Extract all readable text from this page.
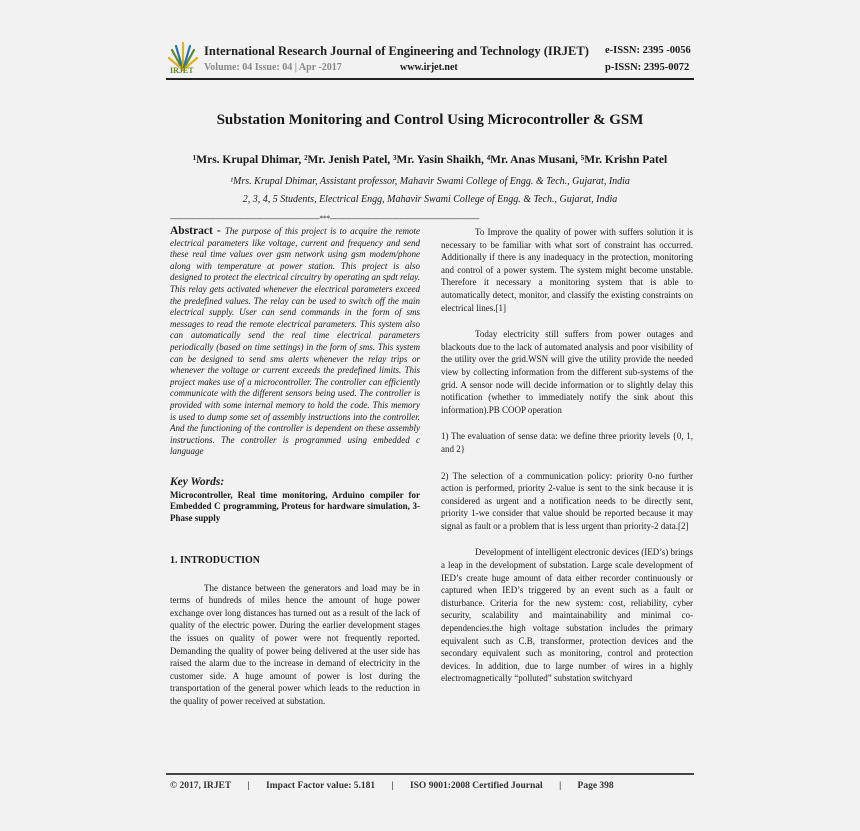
IRJET
International Research Journal of Engineering and Technology (IRJET) e-ISSN: 2395 -0056
Volume: 04 Issue: 04 | Apr -2017	www.irjet.net	p-ISSN: 2395-0072
Substation Monitoring and Control Using Microcontroller & GSM
¹Mrs. Krupal Dhimar, ²Mr. Jenish Patel, ³Mr. Yasin Shaikh, ⁴Mr. Anas Musani, ⁵Mr. Krishn Patel
¹Mrs. Krupal Dhimar, Assistant professor, Mahavir Swami College of Engg. & Tech., Gujarat, India
2, 3, 4, 5 Students, Electrical Engg, Mahavir Swami College of Engg. & Tech., Gujarat, India
---------------------------------------------------------------------***---------------------------------------------------------------------
Abstract - The purpose of this project is to acquire the remote electrical parameters like voltage, current and frequency and send these real time values over gsm network using gsm modem/phone along with temperature at power station. This project is also designed to protect the electrical circuitry by operating an spdt relay. This relay gets activated whenever the electrical parameters exceed the predefined values. The relay can be used to switch off the main electrical supply. User can send commands in the form of sms messages to read the remote electrical parameters. This system also can automatically send the real time electrical parameters periodically (based on time settings) in the form of sms. This system can be designed to send sms alerts whenever the relay trips or whenever the voltage or current exceeds the predefined limits. This project makes use of a microcontroller. The controller can efficiently communicate with the different sensors being used. The controller is provided with some internal memory to hold the code. This memory is used to dump some set of assembly instructions into the controller. And the functioning of the controller is dependent on these assembly instructions. The controller is programmed using embedded c language
Key Words:
Microcontroller, Real time monitoring, Arduino compiler for Embedded C programming, Proteus for hardware simulation, 3- Phase supply
1. INTRODUCTION
The distance between the generators and load may be in terms of hundreds of miles hence the amount of huge power exchange over long distances has turned out as a result of the lack of quality of the electric power. During the earlier development stages the issues on quality of power were not frequently reported. Demanding the quality of power being delivered at the user side has raised the alarm due to the increase in demand of electricity in the customer side. A huge amount of power is lost during the transportation of the general power which leads to the reduction in the quality of power received at substation.
To Improve the quality of power with suffers solution it is necessary to be familiar with what sort of constraint has occurred. Additionally if there is any inadequacy in the protection, monitoring and control of a power system. The system might become unstable. Therefore it necessary a monitoring system that is able to automatically detect, monitor, and classify the existing constraints on electrical lines.[1]
Today electricity still suffers from power outages and blackouts due to the lack of automated analysis and poor visibility of the utility over the grid.WSN will give the utility provide the needed view by collecting information from the different sub-systems of the grid. A sensor node will decide information or to slightly delay this notification (whether to immediately notify the sink about this information).PB COOP operation
1) The evaluation of sense data: we define three priority levels {0, 1, and 2}
2) The selection of a communication policy: priority 0-no further action is performed, priority 2-value is sent to the sink because it is considered as urgent and a notification needs to be directly sent, priority 1-we consider that value should be reported because it may signal as fault or a problem that is less urgent than priority-2 data.[2]
Development of intelligent electronic devices (IED’s) brings a leap in the development of substation. Large scale development of IED’s create huge amount of data either recorder continuously or captured when IED’s triggered by an event such as a fault or disturbance. Criteria for the new system: cost, reliability, cyber security, scalability and maintainability and minimal co-dependencies.the high voltage substation includes the primary equivalent such as C.B, transformer, protection devices and the secondary equivalent such as monitoring, control and protection devices. In addition, due to large number of wires in a highly electromagnetically “polluted” substation switchyard
© 2017, IRJET | Impact Factor value: 5.181 | ISO 9001:2008 Certified Journal | Page 398
